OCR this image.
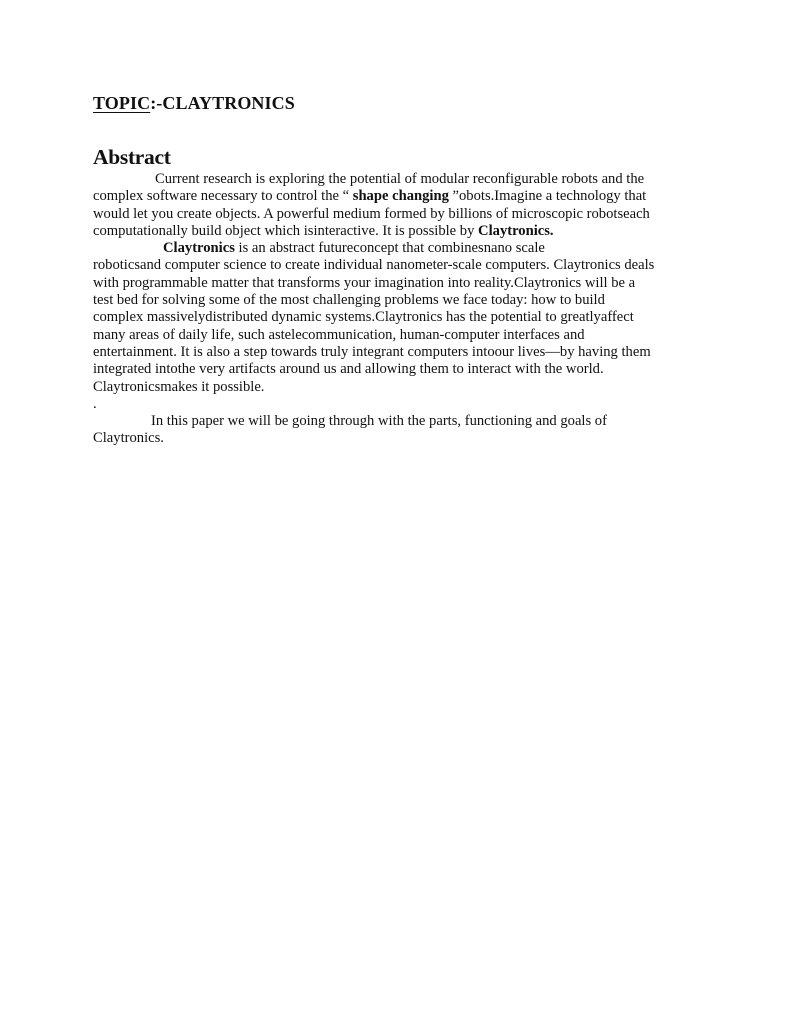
TOPIC:-CLAYTRONICS
Abstract
Current research is exploring the potential of modular reconfigurable robots and the
complex software necessary to control the “ shape changing ”obots.Imagine a technology that
would let you create objects. A powerful medium formed by billions of microscopic robotseach
computationally build object which isinteractive. It is possible by Claytronics.
Claytronics is an abstract futureconcept that combinesnano scale
roboticsand computer science to create individual nanometer-scale computers. Claytronics deals
with programmable matter that transforms your imagination into reality.Claytronics will be a
test bed for solving some of the most challenging problems we face today: how to build
complex massivelydistributed dynamic systems.Claytronics has the potential to greatlyaffect
many areas of daily life, such astelecommunication, human-computer interfaces and
entertainment. It is also a step towards truly integrant computers intoour lives—by having them
integrated intothe very artifacts around us and allowing them to interact with the world.
Claytronicsmakes it possible.
.
In this paper we will be going through with the parts, functioning and goals of
Claytronics.
